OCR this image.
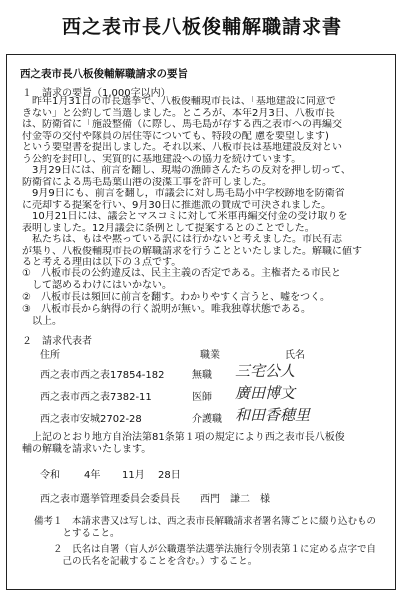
西之表市長八板俊輔解職請求書
西之表市長八板俊輔解職請求の要旨
１　請求の要旨（1,000字以内）
　昨年1月31日の市長選挙で、八板俊輔現市長は、「基地建設に同意で
きない」と公約して当選しました。ところが、本年2月3日、八板市長
は、防衛省に「施設整備（に際し、馬毛島が存する西之表市への再編交
付金等の交付や隊員の居住等についても、特段の配 慮を要望します)
という要望書を提出しました。それ以来、八板市長は基地建設反対とい
う公約を封印し、実質的に基地建設への協力を続けています。
　3月29日には、前言を翻し、現場の漁師さんたちの反対を押し切って、
防衛省による馬毛島葉山港の浚渫工事を許可しました。
　9月9日にも、前言を翻し，市議会に対し馬毛島小中学校跡地を防衛省
に売却する提案を行い、9月30日に推進派の賛成で可決されました。
　10月21日には、議会とマスコミに対して米軍再編交付金の受け取りを
表明しました。12月議会に条例として提案するとのことでした。
　私たちは、もはや黙っている訳には行かないと考えました。市民有志
が集り、八板俊輔現市長の解職請求を行うことといたしました。解職に値す
ると考える理由は以下の３点です。
①　八板市長の公約違反は、民主主義の否定である。主権者たる市民と
　して認めるわけにはいかない。
②　八板市長は頻回に前言を翻す。わかりやすく言うと、嘘をつく。
③　八板市長から納得の行く説明が無い。唯我独尊状態である。
　以上。
２　請求代表者
住所	職業	氏名
西之表市西之表17854-182	無職 三宅公人
西之表市西之表7382-11	医師 廣田博文
西之表市安城2702-28	介護職 和田香穂里
　上記のとおり地方自治法第81条第１項の規定により西之表市長八板俊
輔の解職を請求いたします。
令和 4年 11月 28日
西之表市選挙管理委員会委員長　　西門　謙二　様
備考１　本請求書又は写しは、西之表市長解職請求者署名簿ごとに綴り込むもの
　　　とすること。
　　２　氏名は自署（盲人が公職選挙法選挙法施行令別表第１に定める点字で自
　　　己の氏名を記載することを含む。）すること。
